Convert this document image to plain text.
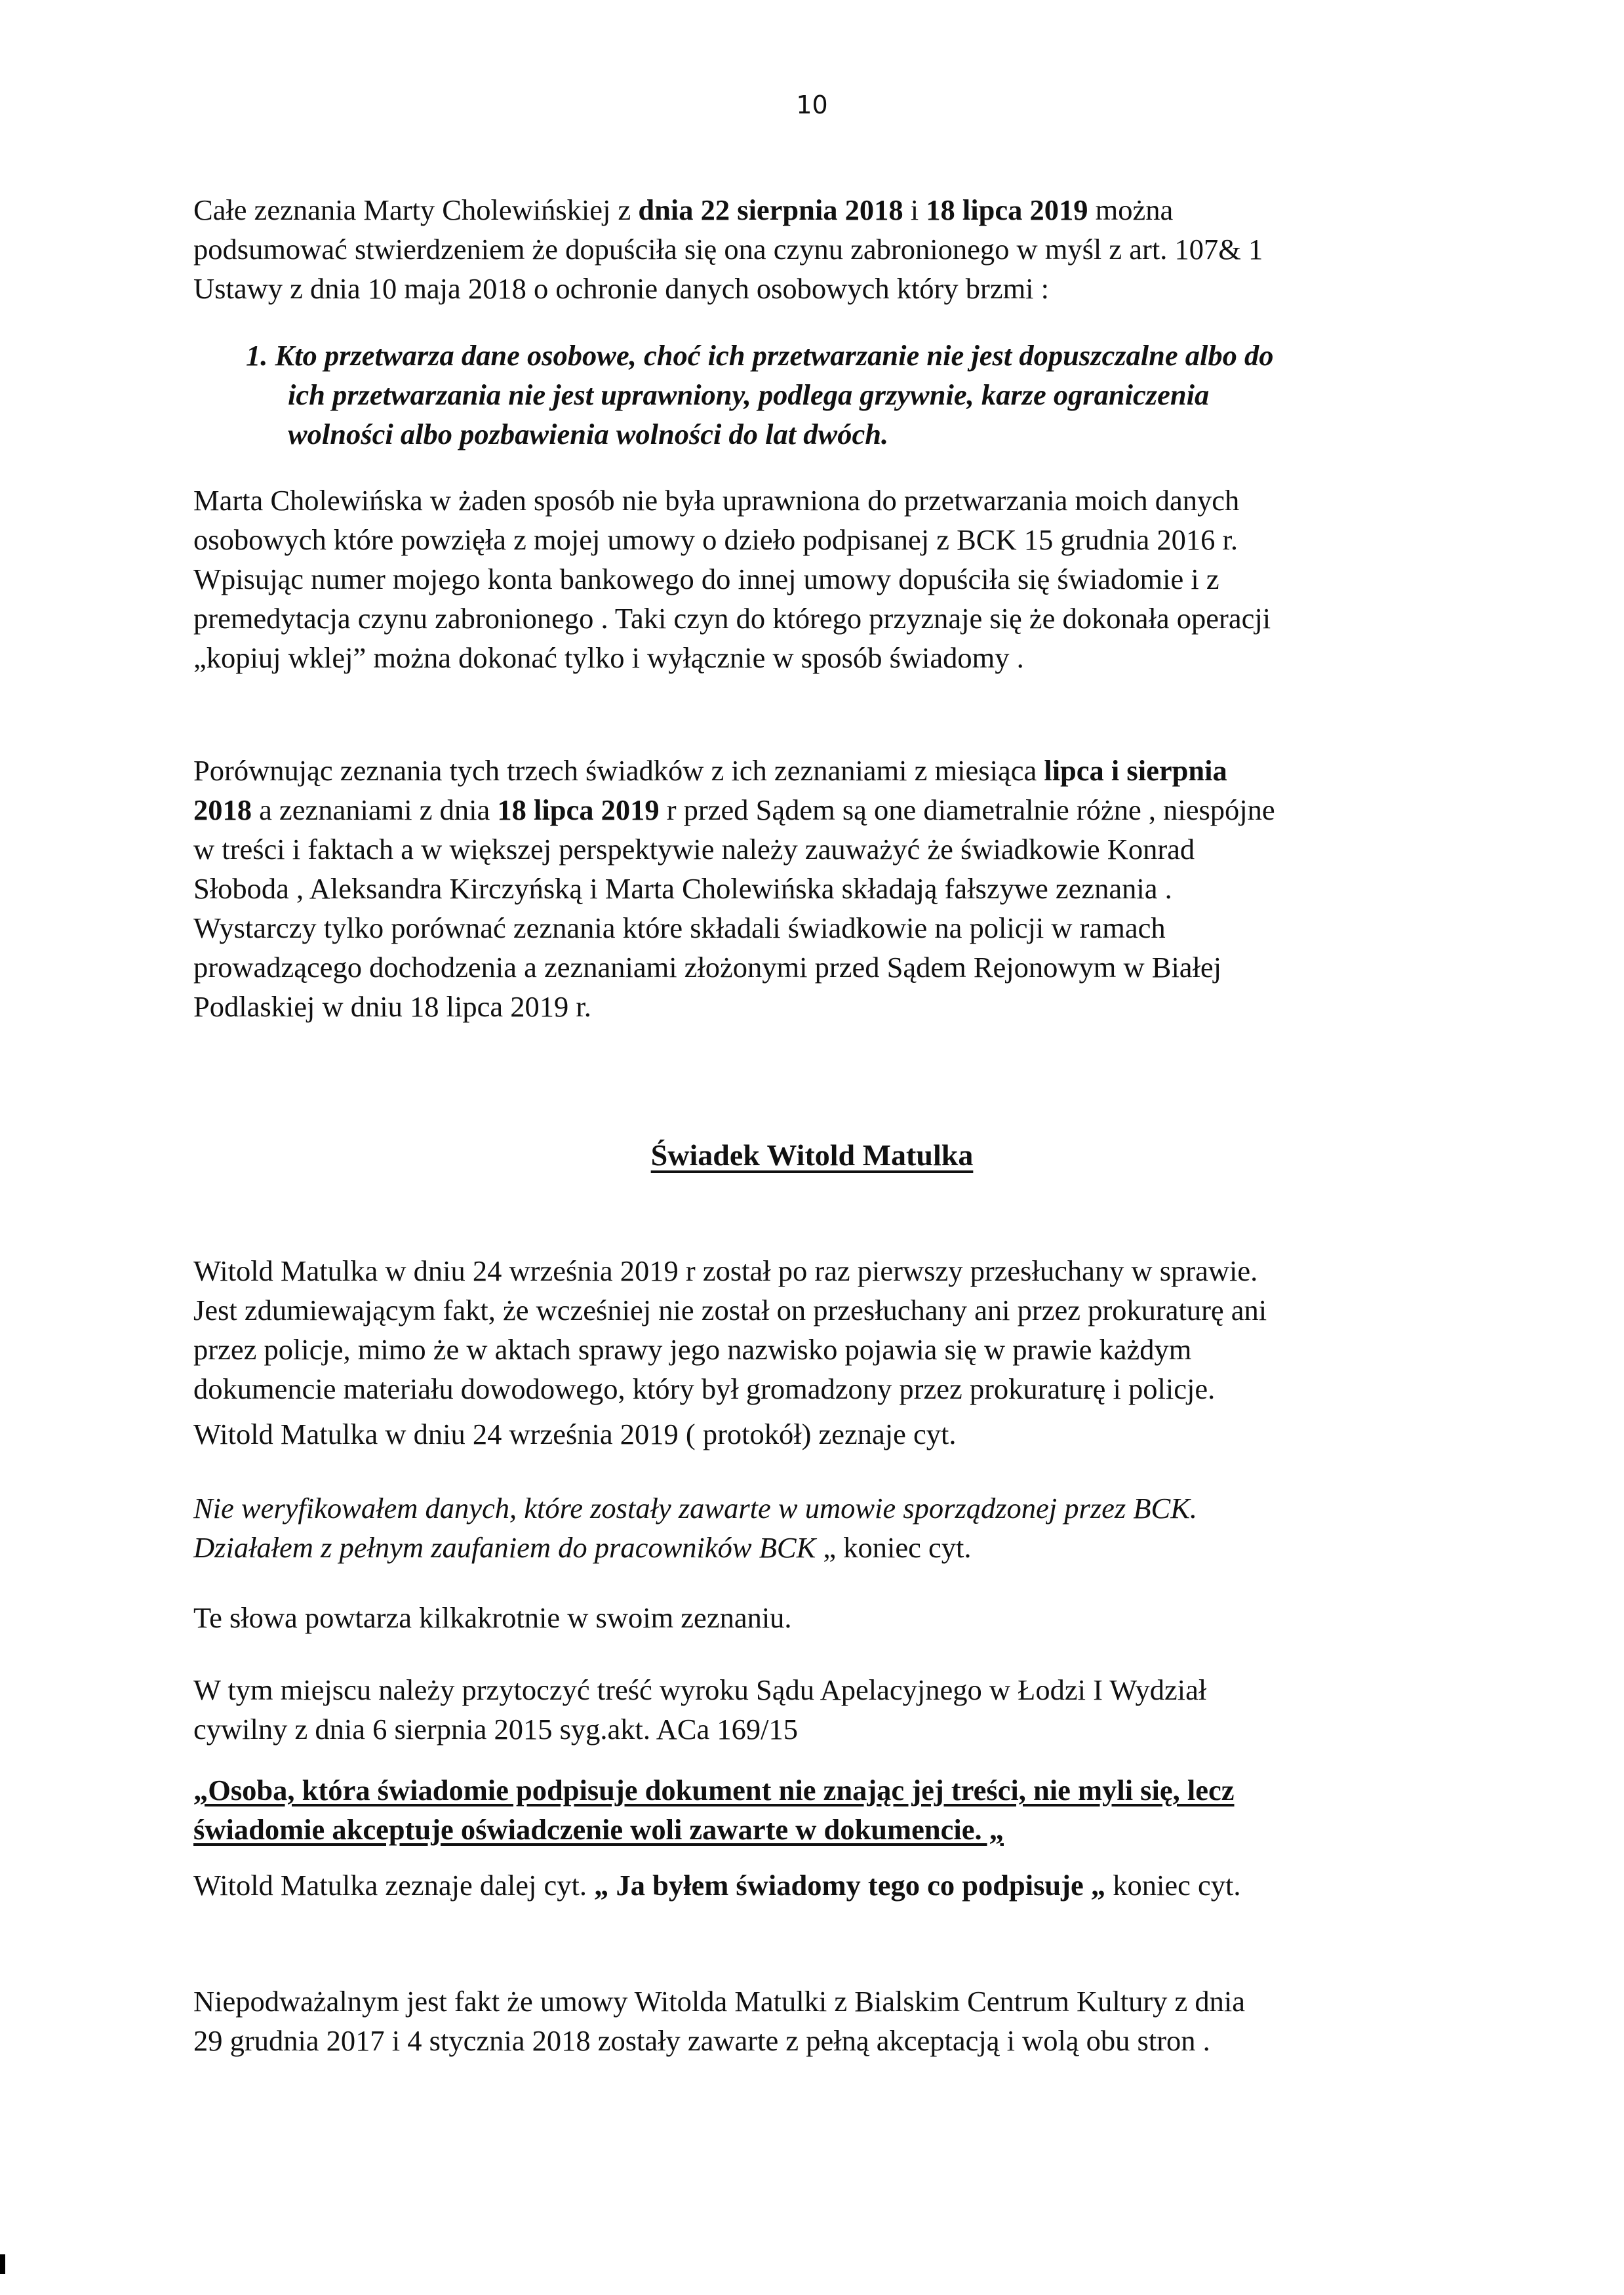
10
Całe zeznania Marty Cholewińskiej z dnia 22 sierpnia 2018 i 18 lipca 2019 można
podsumować stwierdzeniem że dopuściła się ona czynu zabronionego w myśl z art. 107& 1
Ustawy z dnia 10 maja 2018 o ochronie danych osobowych który brzmi :
1. Kto przetwarza dane osobowe, choć ich przetwarzanie nie jest dopuszczalne albo do
ich przetwarzania nie jest uprawniony, podlega grzywnie, karze ograniczenia
wolności albo pozbawienia wolności do lat dwóch.
Marta Cholewińska w żaden sposób nie była uprawniona do przetwarzania moich danych
osobowych które powzięła z mojej umowy o dzieło podpisanej z BCK 15 grudnia 2016 r.
Wpisując numer mojego konta bankowego do innej umowy dopuściła się świadomie i z
premedytacja czynu zabronionego . Taki czyn do którego przyznaje się że dokonała operacji
„kopiuj wklej” można dokonać tylko i wyłącznie w sposób świadomy .
Porównując zeznania tych trzech świadków z ich zeznaniami z miesiąca lipca i sierpnia
2018 a zeznaniami z dnia 18 lipca 2019 r przed Sądem są one diametralnie różne , niespójne
w treści i faktach a w większej perspektywie należy zauważyć że świadkowie Konrad
Słoboda , Aleksandra Kirczyńską i Marta Cholewińska składają fałszywe zeznania .
Wystarczy tylko porównać zeznania które składali świadkowie na policji w ramach
prowadzącego dochodzenia a zeznaniami złożonymi przed Sądem Rejonowym w Białej
Podlaskiej w dniu 18 lipca 2019 r.
Świadek Witold Matulka
Witold Matulka w dniu 24 września 2019 r został po raz pierwszy przesłuchany w sprawie.
Jest zdumiewającym fakt, że wcześniej nie został on przesłuchany ani przez prokuraturę ani
przez policje, mimo że w aktach sprawy jego nazwisko pojawia się w prawie każdym
dokumencie materiału dowodowego, który był gromadzony przez prokuraturę i policje.
Witold Matulka w dniu 24 września 2019 ( protokół) zeznaje cyt.
Nie weryfikowałem danych, które zostały zawarte w umowie sporządzonej przez BCK.
Działałem z pełnym zaufaniem do pracowników BCK „ koniec cyt.
Te słowa powtarza kilkakrotnie w swoim zeznaniu.
W tym miejscu należy przytoczyć treść wyroku Sądu Apelacyjnego w Łodzi I Wydział
cywilny z dnia 6 sierpnia 2015 syg.akt. ACa 169/15
„Osoba, która świadomie podpisuje dokument nie znając jej treści, nie myli się, lecz
świadomie akceptuje oświadczenie woli zawarte w dokumencie. „
Witold Matulka zeznaje dalej cyt. „ Ja byłem świadomy tego co podpisuje „ koniec cyt.
Niepodważalnym jest fakt że umowy Witolda Matulki z Bialskim Centrum Kultury z dnia
29 grudnia 2017 i 4 stycznia 2018 zostały zawarte z pełną akceptacją i wolą obu stron .
